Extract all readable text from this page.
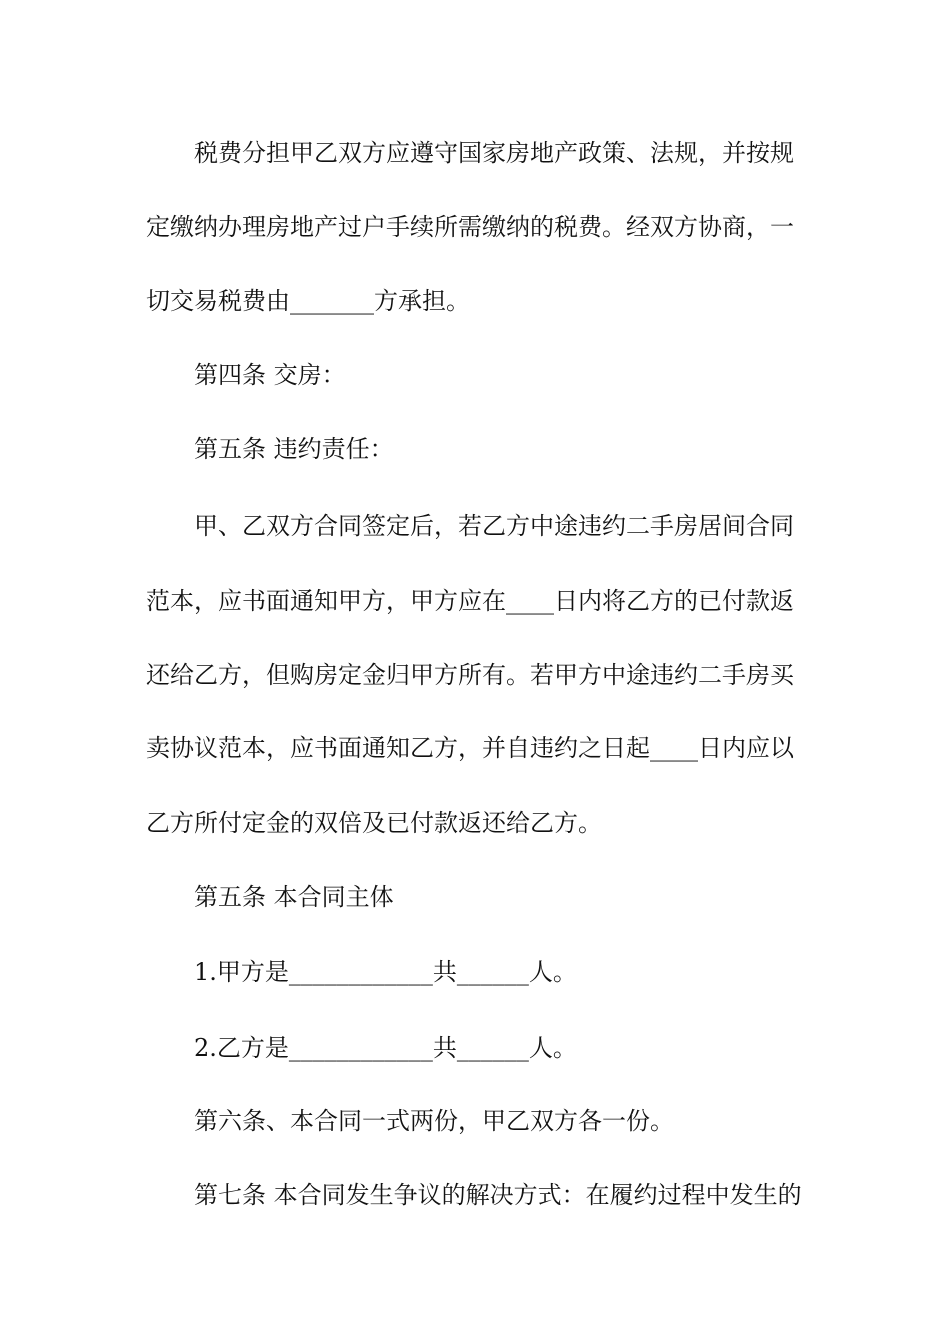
税费分担甲乙双方应遵守国家房地产政策、法规，并按规
定缴纳办理房地产过户手续所需缴纳的税费。经双方协商，一
切交易税费由_______方承担。
第四条 交房：
第五条 违约责任：
甲、乙双方合同签定后，若乙方中途违约二手房居间合同
范本，应书面通知甲方，甲方应在____日内将乙方的已付款返
还给乙方，但购房定金归甲方所有。若甲方中途违约二手房买
卖协议范本，应书面通知乙方，并自违约之日起____日内应以
乙方所付定金的双倍及已付款返还给乙方。
第五条 本合同主体
1.甲方是____________共______人。
2.乙方是____________共______人。
第六条、本合同一式两份，甲乙双方各一份。
第七条 本合同发生争议的解决方式：在履约过程中发生的
